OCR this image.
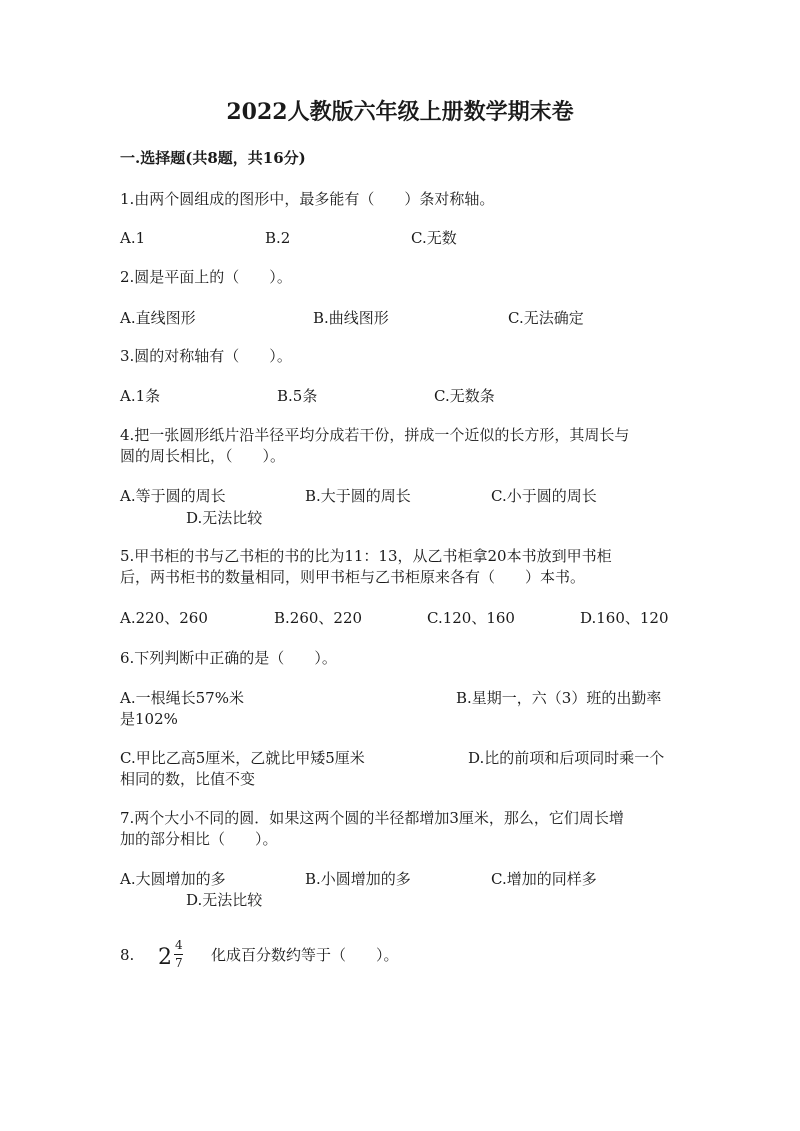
2022人教版六年级上册数学期末卷
一.选择题(共8题，共16分)
1.由两个圆组成的图形中，最多能有（　　）条对称轴。
A.1	B.2	C.无数
2.圆是平面上的（　　）。
A.直线图形	B.曲线图形	C.无法确定
3.圆的对称轴有（　　）。
A.1条	B.5条	C.无数条
4.把一张圆形纸片沿半径平均分成若干份，拼成一个近似的长方形，其周长与
圆的周长相比，（　　）。
A.等于圆的周长	B.大于圆的周长	C.小于圆的周长
D.无法比较
5.甲书柜的书与乙书柜的书的比为11：13，从乙书柜拿20本书放到甲书柜
后，两书柜书的数量相同，则甲书柜与乙书柜原来各有（　　）本书。
A.220、260	B.260、220	C.120、160	D.160、120
6.下列判断中正确的是（　　）。
A.一根绳长57%米	B.星期一，六（3）班的出勤率
是102%
C.甲比乙高5厘米，乙就比甲矮5厘米	D.比的前项和后项同时乘一个
相同的数，比值不变
7.两个大小不同的圆．如果这两个圆的半径都增加3厘米，那么，它们周长增
加的部分相比（　　）。
A.大圆增加的多	B.小圆增加的多	C.增加的同样多
D.无法比较
8. 2 4
7 化成百分数约等于（　　）。
